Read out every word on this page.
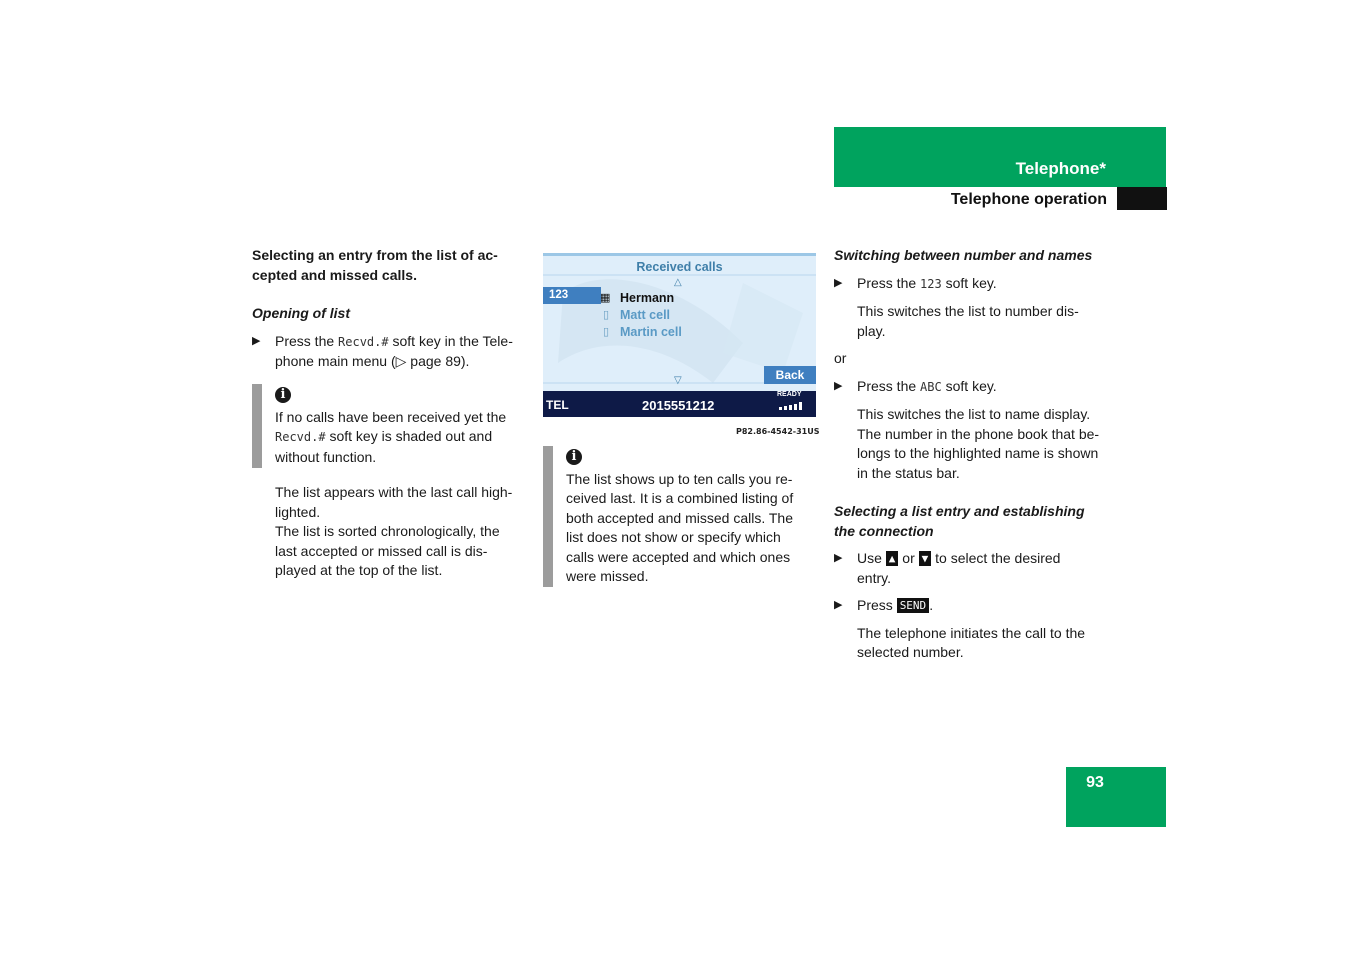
Telephone*
Telephone operation
93

Selecting an entry from the list of ac-
cepted and missed calls.

Opening of list

▶ Press the Recvd.# soft key in the Tele-
phone main menu (▷ page 89).

i

If no calls have been received yet the
Recvd.# soft key is shaded out and
without function.

The list appears with the last call high-
lighted.
The list is sorted chronologically, the
last accepted or missed call is dis-
played at the top of the list.

Received calls
△
123	▦ Hermann
▯ Matt cell
▯ Martin cell
Back
▽
TEL	2015551212
READY
P82.86-4542-31US
i

The list shows up to ten calls you re-
ceived last. It is a combined listing of
both accepted and missed calls. The
list does not show or specify which
calls were accepted and which ones
were missed.

Switching between number and names

▶ Press the 123 soft key.

This switches the list to number dis-
play.

or

▶ Press the ABC soft key.

This switches the list to name display.
The number in the phone book that be-
longs to the highlighted name is shown
in the status bar.

Selecting a list entry and establishing
the connection

▶ Use ▲ or ▼ to select the desired
entry.

▶ Press SEND .

The telephone initiates the call to the
selected number.
